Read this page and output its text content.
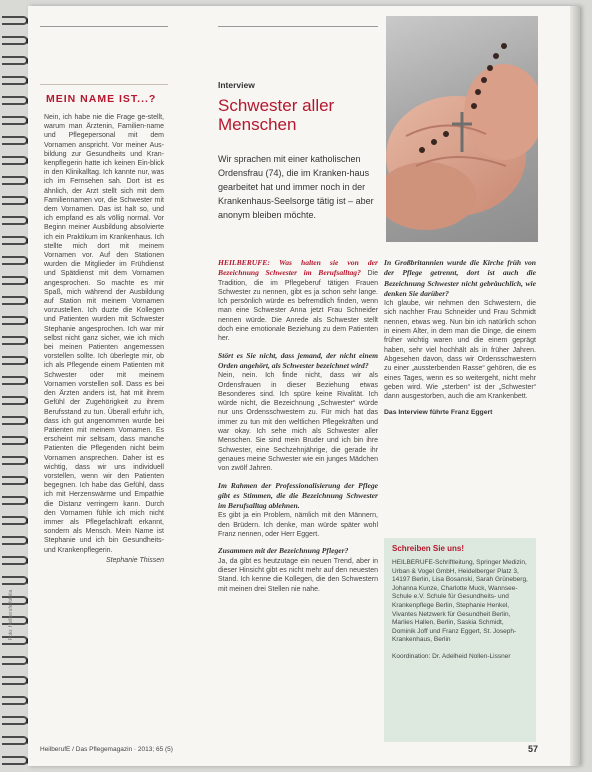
MEIN NAME IST...?

Nein, ich habe nie die Frage ge-stellt, warum man Ärztenin, Familien-name und Pflegepersonal mit dem Vornamen anspricht. Vor meiner Aus-bildung zur Gesundheits und Kran-kenpflegerin hatte ich keinen Ein-blick in den Klinikalltag. Ich kannte nur, was ich im Fernsehen sah. Dort ist es ähnlich, der Arzt stellt sich mit dem Familiennamen vor, die Schwester mit dem Vornamen. Das ist halt so, und ich empfand es als völlig normal. Vor Beginn meiner Ausbildung absolvierte ich ein Praktikum im Krankenhaus. Ich stellte mich dort mit meinem Vornamen vor. Auf den Stationen wurden die Mitglieder im Frühdienst und Spätdienst mit dem Vornamen angesprochen. So machte es mir Spaß, mich während der Ausbildung auf Station mit meinem Vornamen vorzustellen. Ich duzte die Kollegen und Patienten wurden mit Schwester Stephanie angesprochen. Ich war mir selbst nicht ganz sicher, wie ich mich bei meinen Patienten angemessen vorstellen sollte. Ich überlegte mir, ob ich als Pflegende einem Patienten mit Schwester oder mit meinem Vornamen vorstellen soll. Dass es bei den Ärzten anders ist, hat mit ihrem Gefühl der Zugehörigkeit zu ihrem Berufsstand zu tun. Überall erfuhr ich, dass ich gut angenommen wurde bei Patienten mit meinem Vornamen. Es erscheint mir seltsam, dass manche Patienten die Pflegenden nicht beim Vornamen ansprechen. Daher ist es wichtig, dass wir uns individuell vorstellen, wenn wir den Patienten begegnen. Ich habe das Gefühl, dass ich mit Herzenswärme und Empathie die Distanz verringern kann. Durch den Vornamen fühle ich mich nicht immer als Pflegefachkraft erkannt, sondern als Mensch. Mein Name ist Stephanie und ich bin Gesundheits- und Krankenpflegerin.

Stephanie Thissen
Foto: Heilberufe/fotolia
Interview
Schwester aller Menschen
Wir sprachen mit einer katholischen Ordensfrau (74), die im Kranken-haus gearbeitet hat und immer noch in der Krankenhaus-Seelsorge tätig ist – aber anonym bleiben möchte.

HEILBERUFE: Was halten sie von der Bezeichnung Schwester im Berufsalltag? Die Tradition, die im Pflegeberuf tätigen Frauen Schwester zu nennen, gibt es ja schon sehr lange. Ich persönlich würde es befremdlich finden, wenn man eine Schwester Anna jetzt Frau Schneider nennen würde. Die Anrede als Schwester stellt doch eine emotionale Beziehung zu dem Patienten her.

Stört es Sie nicht, dass jemand, der nicht einem Orden angehört, als Schwester bezeichnet wird?
Nein, nein. Ich finde nicht, dass wir als Ordensfrauen in dieser Beziehung etwas Besonderes sind. Ich spüre keine Rivalität. Ich würde nicht, die Bezeichnung „Schwester“ würde nur uns Ordensschwestern zu. Für mich hat das immer zu tun mit den weltlichen Pflegekräften und war okay. Ich sehe mich als Schwester aller Menschen. Sie sind mein Bruder und ich bin ihre Schwester, eine Sechzehnjährige, die gerade ihr genaues meine Schwester wie ein junges Mädchen von zwölf Jahren.

Im Rahmen der Professionalisierung der Pflege gibt es Stimmen, die die Bezeichnung Schwester im Berufsalltag ablehnen.
Es gibt ja ein Problem, nämlich mit den Männern, den Brüdern. Ich denke, man würde später wohl Franz nennen, oder Herr Eggert.

Zusammen mit der Bezeichnung Pfleger?
Ja, da gibt es heutzutage ein neuen Trend, aber in dieser Hinsicht gibt es nicht mehr auf den neuesten Stand. Ich kenne die Kollegen, die den Schwestern mit meinen drei Stellen nie nahe.

In Großbritannien wurde die Kirche früh von der Pflege getrennt, dort ist auch die Bezeichnung Schwester nicht gebräuchlich, wie denken Sie darüber?
Ich glaube, wir nehmen den Schwestern, die sich nachher Frau Schneider und Frau Schmidt nennen, etwas weg. Nun bin ich natürlich schon in einem Alter, in dem man die Dinge, die einem früher wichtig waren und die einem geprägt haben, sehr viel hochhält als in früher Jahren. Abgesehen davon, dass wir Ordensschwestern zu einer „aussterbenden Rasse“ gehören, die es eines Tages, wenn es so weitergeht, nicht mehr geben wird. Wie „sterben“ ist der „Schwester“ dann ausgestorben, auch die am Krankenbett.

Das Interview führte Franz Eggert

Schreiben Sie uns!

HEILBERUFE-Schriftleitung, Springer Medizin, Urban & Vogel GmbH, Heidelberger Platz 3, 14197 Berlin, Lisa Bosanski, Sarah Grüneberg, Johanna Kunze, Charlotte Muck, Wannsee-Schule e.V. Schule für Gesundheits- und Krankenpflege Berlin, Stephanie Henkel, Vivantes Netzwerk für Gesundheit Berlin, Marlies Hallen, Berlin, Saskia Schmidt, Dominik Joff und Franz Eggert, St. Joseph-Krankenhaus, Berlin

Koordination: Dr. Adelheid Nollen-Lissner

HeilberufE / Das Pflegemagazin · 2013; 65 (5)	57
